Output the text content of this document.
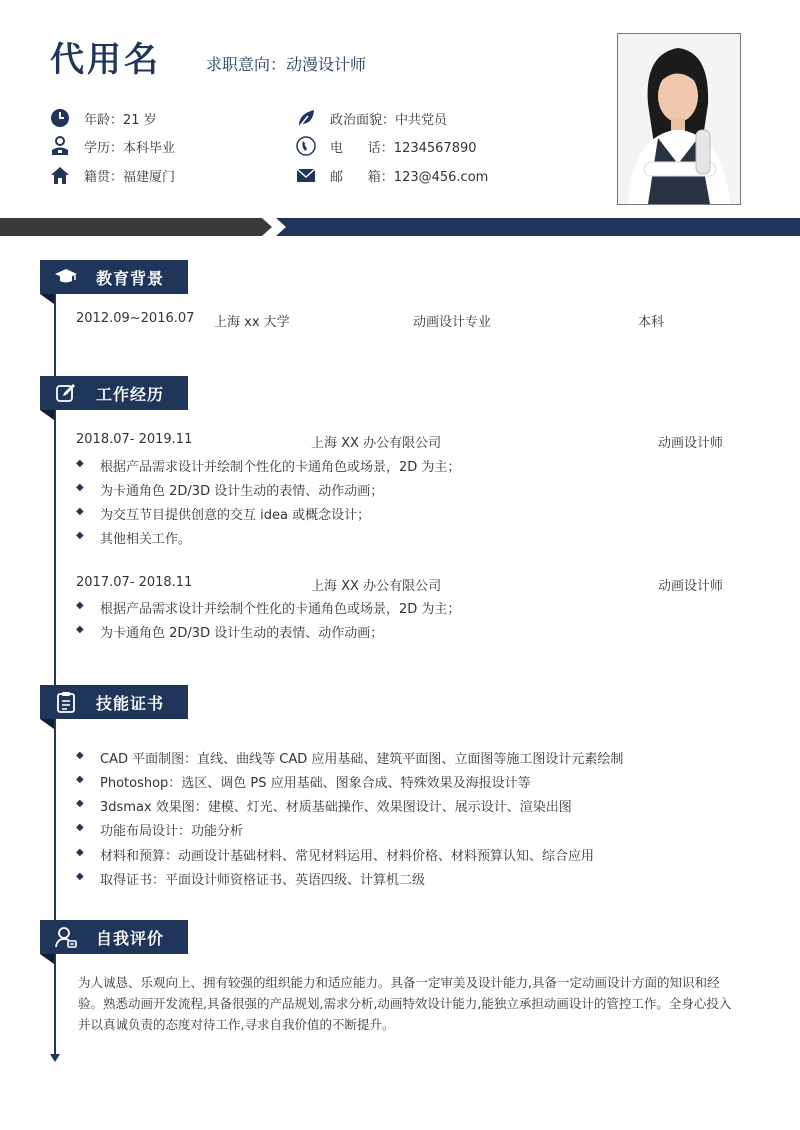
代用名	求职意向：动漫设计师
年龄：21 岁
学历：本科毕业
籍贯：福建厦门
政治面貌：中共党员
电      话：1234567890
邮      箱：123@456.com
教育背景
2012.09~2016.07 上海 xx 大学	动画设计专业	本科
工作经历
2018.07- 2019.11	上海 XX 办公有限公司	动画设计师
◆ 根据产品需求设计并绘制个性化的卡通角色或场景，2D 为主；
◆ 为卡通角色 2D/3D 设计生动的表情、动作动画；
◆ 为交互节目提供创意的交互 idea 或概念设计；
◆ 其他相关工作。
2017.07- 2018.11	上海 XX 办公有限公司	动画设计师
◆ 根据产品需求设计并绘制个性化的卡通角色或场景，2D 为主；
◆ 为卡通角色 2D/3D 设计生动的表情、动作动画；
技能证书
◆ CAD 平面制图：直线、曲线等 CAD 应用基础、建筑平面图、立面图等施工图设计元素绘制
◆ Photoshop：选区、调色 PS 应用基础、图象合成、特殊效果及海报设计等
◆ 3dsmax 效果图：建模、灯光、材质基础操作、效果图设计、展示设计、渲染出图
◆ 功能布局设计：功能分析
◆ 材料和预算：动画设计基础材料、常见材料运用、材料价格、材料预算认知、综合应用
◆ 取得证书：平面设计师资格证书、英语四级、计算机二级
自我评价
为人诚恳、乐观向上、拥有较强的组织能力和适应能力。具备一定审美及设计能力,具备一定动画设计方面的知识和经验。熟悉动画开发流程,具备很强的产品规划,需求分析,动画特效设计能力,能独立承担动画设计的管控工作。全身心投入并以真诚负责的态度对待工作,寻求自我价值的不断提升。
